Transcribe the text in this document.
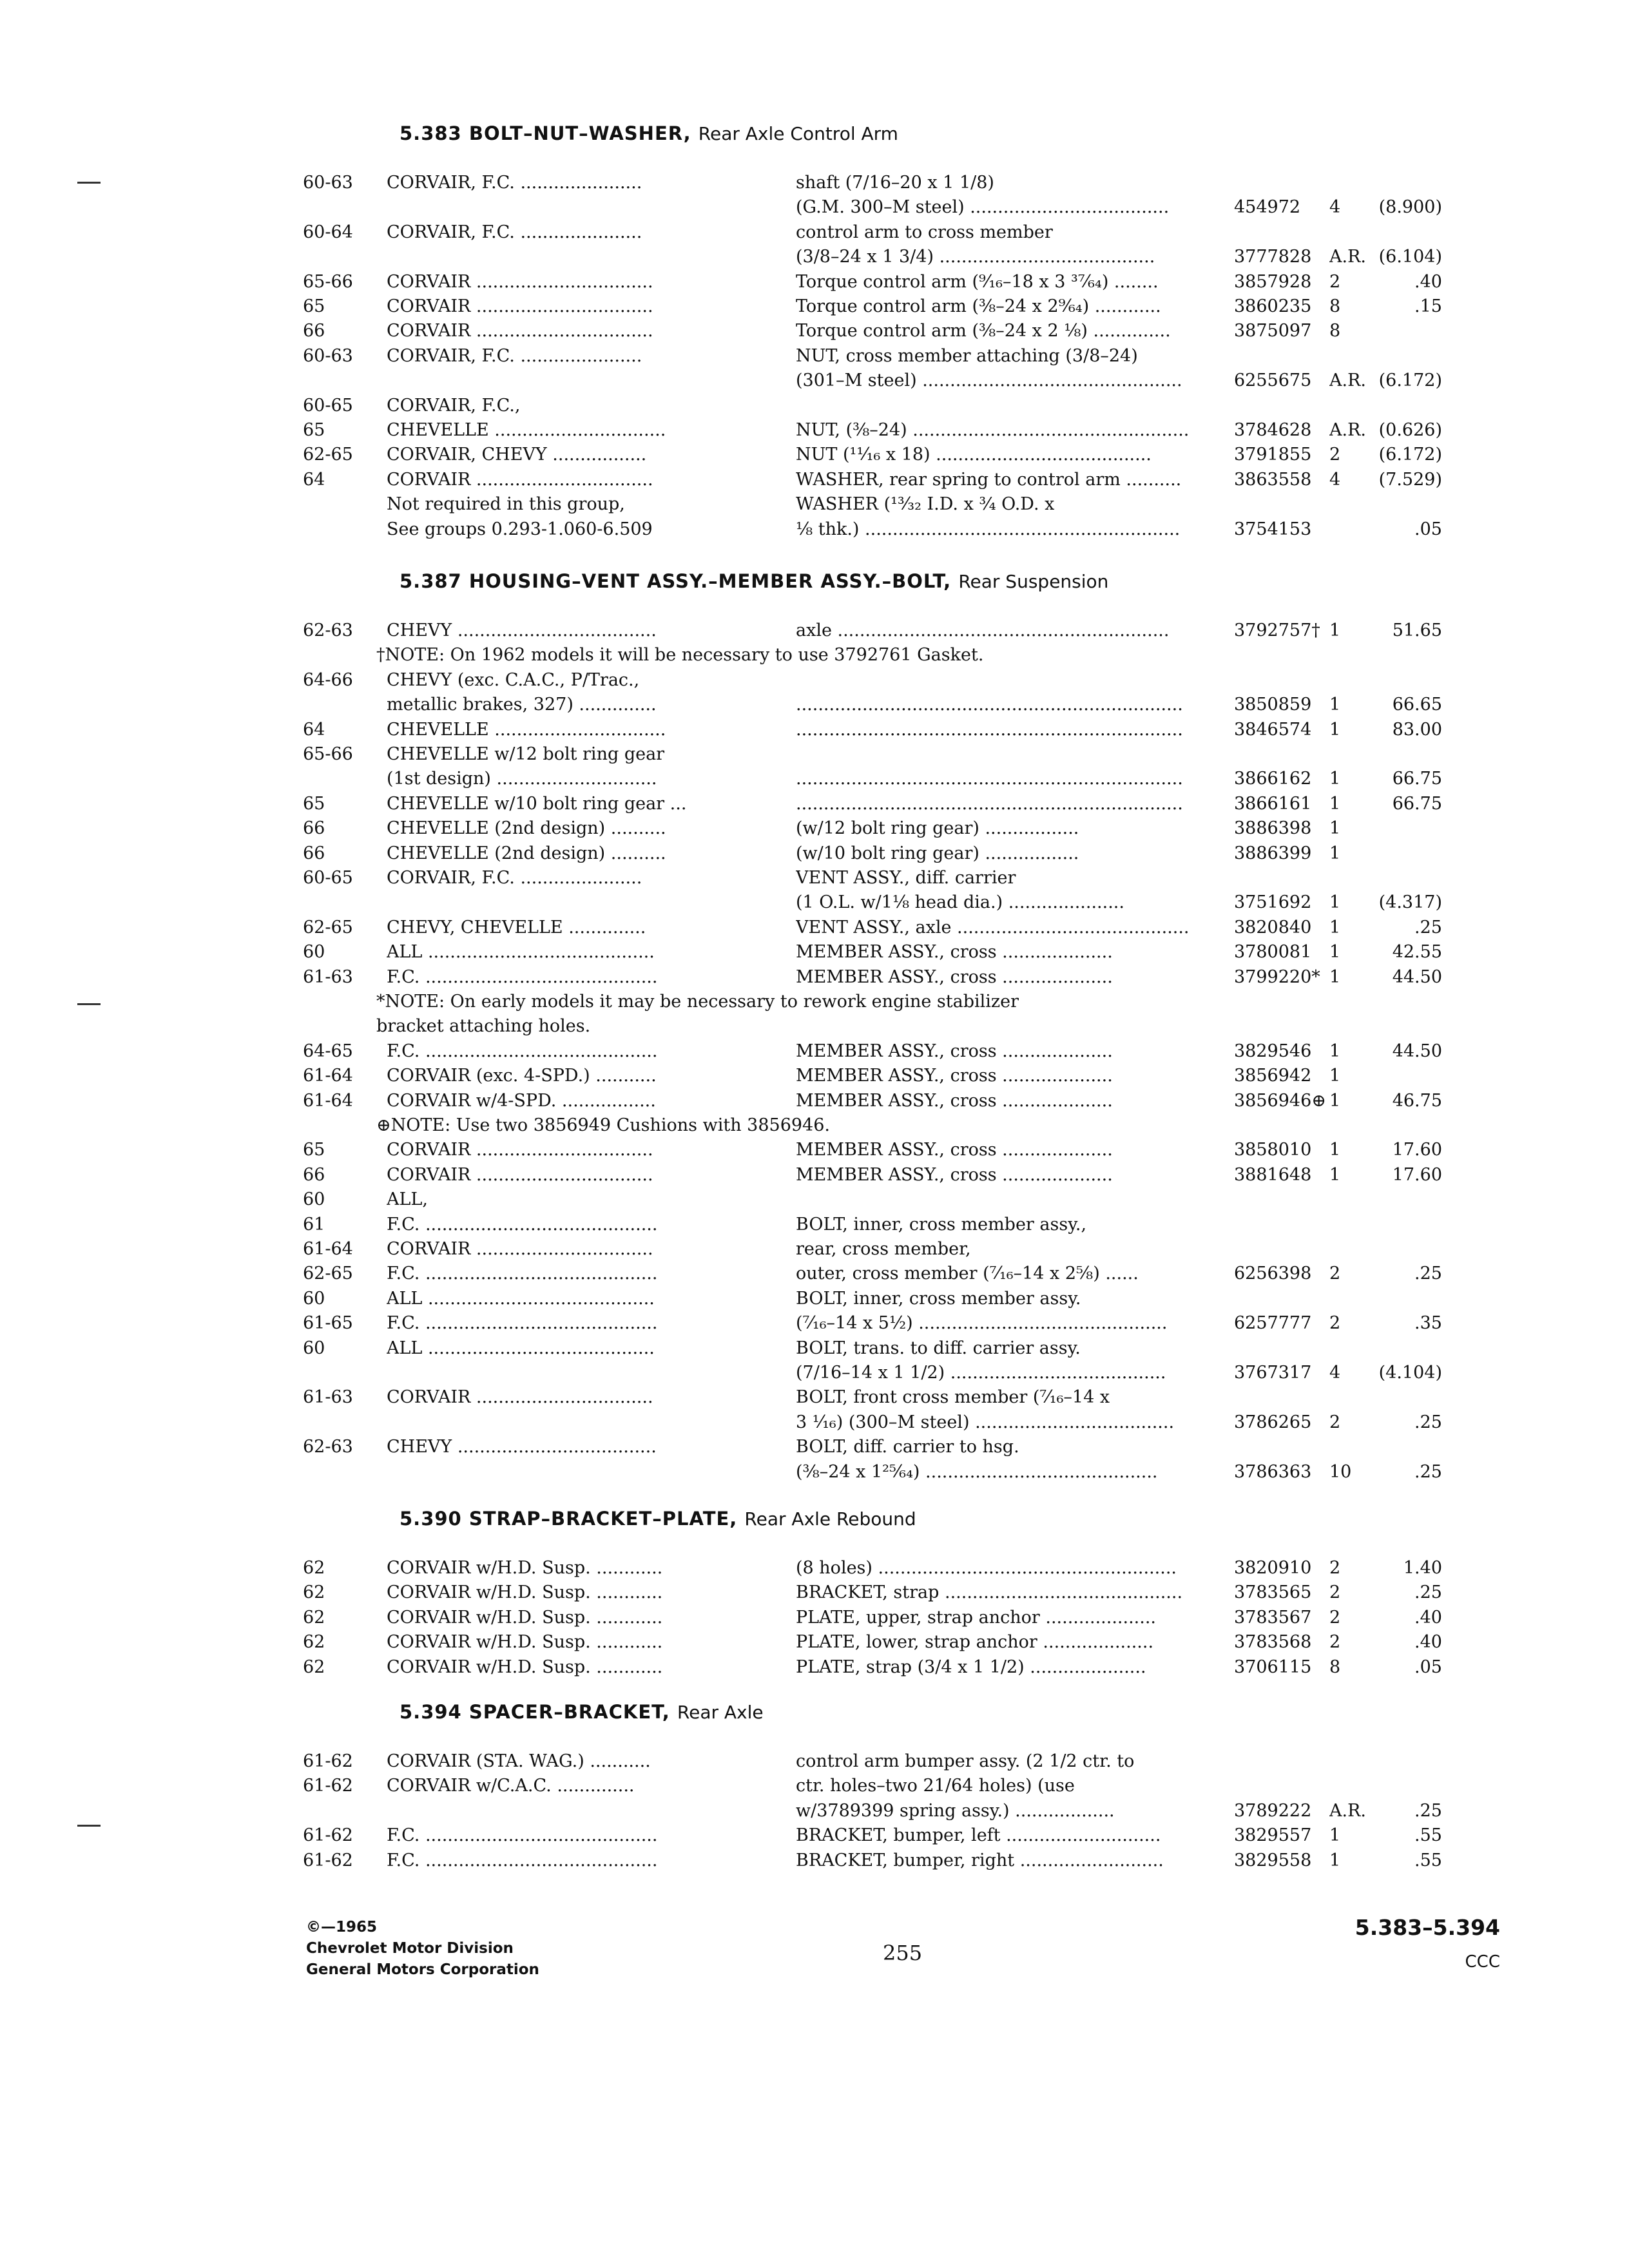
5.383 BOLT–NUT–WASHER, Rear Axle Control Arm
60-63 CORVAIR, F.C. ......................	shaft (7/16–20 x 1 1/8)
(G.M. 300–M steel) ....................................	454972 4	(8.900)
60-64 CORVAIR, F.C. ......................	control arm to cross member
(3/8–24 x 1 3/4) .......................................	3777828 A.R. (6.104)
65-66 CORVAIR ................................	Torque control arm (⁹⁄₁₆–18 x 3 ³⁷⁄₆₄) ........	3857928 2	.40
65	CORVAIR ................................	Torque control arm (⅜–24 x 2⁹⁄₆₄) ............	3860235 8	.15
66	CORVAIR ................................	Torque control arm (⅜–24 x 2 ⅛) ..............	3875097 8
60-63 CORVAIR, F.C. ......................	NUT, cross member attaching (3/8–24)
(301–M steel) ...............................................	6255675 A.R. (6.172)
60-65 CORVAIR, F.C.,
65	CHEVELLE ...............................	NUT, (⅜–24) ..................................................	3784628 A.R. (0.626)
62-65 CORVAIR, CHEVY .................	NUT (¹¹⁄₁₆ x 18) .......................................	3791855 2	(6.172)
64	CORVAIR ................................	WASHER, rear spring to control arm ..........	3863558 4	(7.529)
Not required in this group,	WASHER (¹³⁄₃₂ I.D. x ¾ O.D. x
See groups 0.293-1.060-6.509	⅛ thk.) .........................................................	3754153	.05
5.387 HOUSING–VENT ASSY.–MEMBER ASSY.–BOLT, Rear Suspension
62-63 CHEVY ....................................	axle ............................................................	3792757† 1	51.65
†NOTE: On 1962 models it will be necessary to use 3792761 Gasket.
64-66 CHEVY (exc. C.A.C., P/Trac.,
metallic brakes, 327) ..............	......................................................................	3850859 1	66.65
64	CHEVELLE ...............................	......................................................................	3846574 1	83.00
65-66 CHEVELLE w/12 bolt ring gear
(1st design) .............................	......................................................................	3866162 1	66.75
65	CHEVELLE w/10 bolt ring gear ...	......................................................................	3866161 1	66.75
66	CHEVELLE (2nd design) ..........	(w/12 bolt ring gear) .................	3886398 1
66	CHEVELLE (2nd design) ..........	(w/10 bolt ring gear) .................	3886399 1
60-65 CORVAIR, F.C. ......................	VENT ASSY., diff. carrier
(1 O.L. w/1⅛ head dia.) .....................	3751692 1	(4.317)
62-65 CHEVY, CHEVELLE ..............	VENT ASSY., axle ..........................................	3820840 1	.25
60	ALL .........................................	MEMBER ASSY., cross ....................	3780081 1	42.55
61-63 F.C. ..........................................	MEMBER ASSY., cross ....................	3799220* 1	44.50
*NOTE: On early models it may be necessary to rework engine stabilizer
bracket attaching holes.
64-65 F.C. ..........................................	MEMBER ASSY., cross ....................	3829546 1	44.50
61-64 CORVAIR (exc. 4-SPD.) ...........	MEMBER ASSY., cross ....................	3856942 1
61-64 CORVAIR w/4-SPD. .................	MEMBER ASSY., cross ....................	3856946⊕ 1	46.75
⊕NOTE: Use two 3856949 Cushions with 3856946.
65	CORVAIR ................................	MEMBER ASSY., cross ....................	3858010 1	17.60
66	CORVAIR ................................	MEMBER ASSY., cross ....................	3881648 1	17.60
60	ALL,
61	F.C. ..........................................	BOLT, inner, cross member assy.,
61-64 CORVAIR ................................	rear, cross member,
62-65 F.C. ..........................................	outer, cross member (⁷⁄₁₆–14 x 2⅝) ......	6256398 2	.25
60	ALL .........................................	BOLT, inner, cross member assy.
61-65 F.C. ..........................................	(⁷⁄₁₆–14 x 5½) .............................................	6257777 2	.35
60	ALL .........................................	BOLT, trans. to diff. carrier assy.
(7/16–14 x 1 1/2) .......................................	3767317 4	(4.104)
61-63 CORVAIR ................................	BOLT, front cross member (⁷⁄₁₆–14 x
3 ¹⁄₁₆) (300–M steel) ....................................	3786265 2	.25
62-63 CHEVY ....................................	BOLT, diff. carrier to hsg.
(⅜–24 x 1²⁵⁄₆₄) ..........................................	3786363 10	.25
5.390 STRAP–BRACKET–PLATE, Rear Axle Rebound
62	CORVAIR w/H.D. Susp. ............	(8 holes) ......................................................	3820910 2	1.40
62	CORVAIR w/H.D. Susp. ............	BRACKET, strap ...........................................	3783565 2	.25
62	CORVAIR w/H.D. Susp. ............	PLATE, upper, strap anchor ....................	3783567 2	.40
62	CORVAIR w/H.D. Susp. ............	PLATE, lower, strap anchor ....................	3783568 2	.40
62	CORVAIR w/H.D. Susp. ............	PLATE, strap (3/4 x 1 1/2) .....................	3706115 8	.05
5.394 SPACER–BRACKET, Rear Axle
61-62 CORVAIR (STA. WAG.) ...........	control arm bumper assy. (2 1/2 ctr. to
61-62 CORVAIR w/C.A.C. ..............	ctr. holes–two 21/64 holes) (use
w/3789399 spring assy.) ..................	3789222 A.R.	.25
61-62 F.C. ..........................................	BRACKET, bumper, left ............................	3829557 1	.55
61-62 F.C. ..........................................	BRACKET, bumper, right ..........................	3829558 1	.55
©—1965
Chevrolet Motor Division
General Motors Corporation
255
5.383–5.394
CCC
